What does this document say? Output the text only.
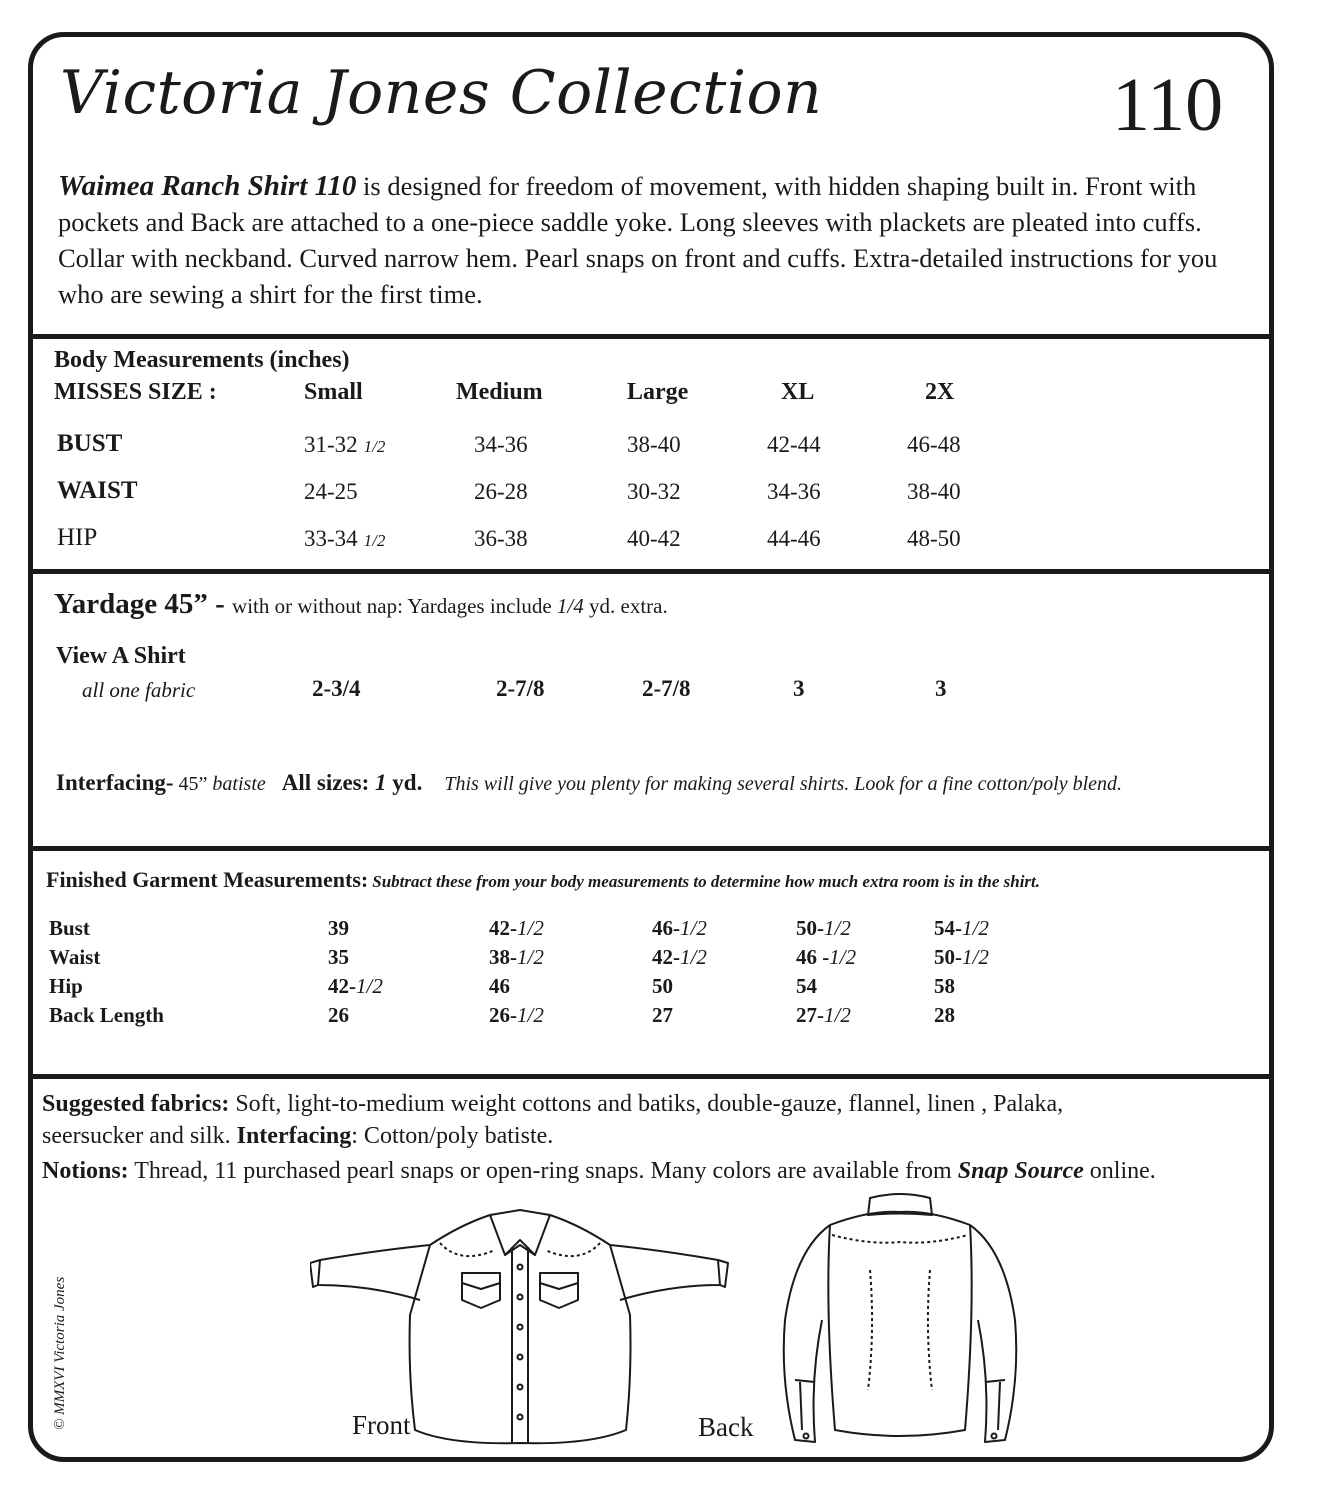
Victoria Jones Collection	110
Waimea Ranch Shirt 110 is designed for freedom of movement, with hidden shaping built in. Front with pockets and Back are attached to a one-piece saddle yoke. Long sleeves with plackets are pleated into cuffs. Collar with neckband. Curved narrow hem. Pearl snaps on front and cuffs. Extra-detailed instructions for you who are sewing a shirt for the first time.
Body Measurements (inches)
MISSES SIZE :	Small	Medium	Large	XL	2X
BUST	31-32 1/2	34-36	38-40	42-44	46-48
WAIST	24-25	26-28	30-32	34-36	38-40
HIP	33-34 1/2	36-38	40-42	44-46	48-50
Yardage 45” - with or without nap: Yardages include 1/4 yd. extra.
View A Shirt
all one fabric	2-3/4	2-7/8	2-7/8	3	3
Interfacing- 45” batiste All sizes: 1 yd. This will give you plenty for making several shirts. Look for a fine cotton/poly blend.
Finished Garment Measurements: Subtract these from your body measurements to determine how much extra room is in the shirt.
Bust	39	42-1/2	46-1/2	50-1/2	54-1/2
Waist	35	38-1/2	42-1/2	46 -1/2	50-1/2
Hip	42-1/2	46	50	54	58
Back Length	26	26-1/2	27	27-1/2	28
Suggested fabrics: Soft, light-to-medium weight cottons and batiks, double-gauze, flannel, linen , Palaka,
seersucker and silk. Interfacing: Cotton/poly batiste.
Notions: Thread, 11 purchased pearl snaps or open-ring snaps. Many colors are available from Snap Source online.
© MMXVI Victoria Jones	Front	Back
